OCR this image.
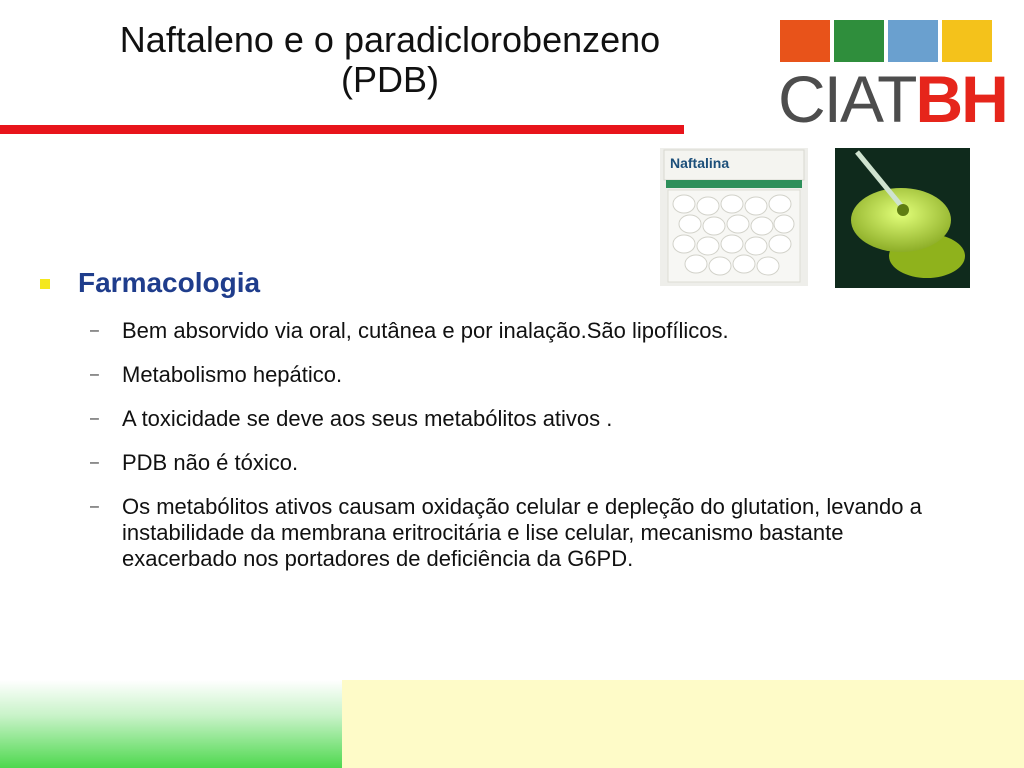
Naftaleno e o paradiclorobenzeno
(PDB)	CIATBH
Naftalina
Farmacologia
– Bem absorvido via oral, cutânea e por inalação.São lipofílicos.
– Metabolismo hepático.
– A toxicidade se deve aos seus metabólitos ativos .
– PDB não é tóxico.
– Os metabólitos ativos causam oxidação celular e depleção do glutation, levando a instabilidade da membrana eritrocitária e lise celular, mecanismo bastante exacerbado nos portadores de deficiência da G6PD.
